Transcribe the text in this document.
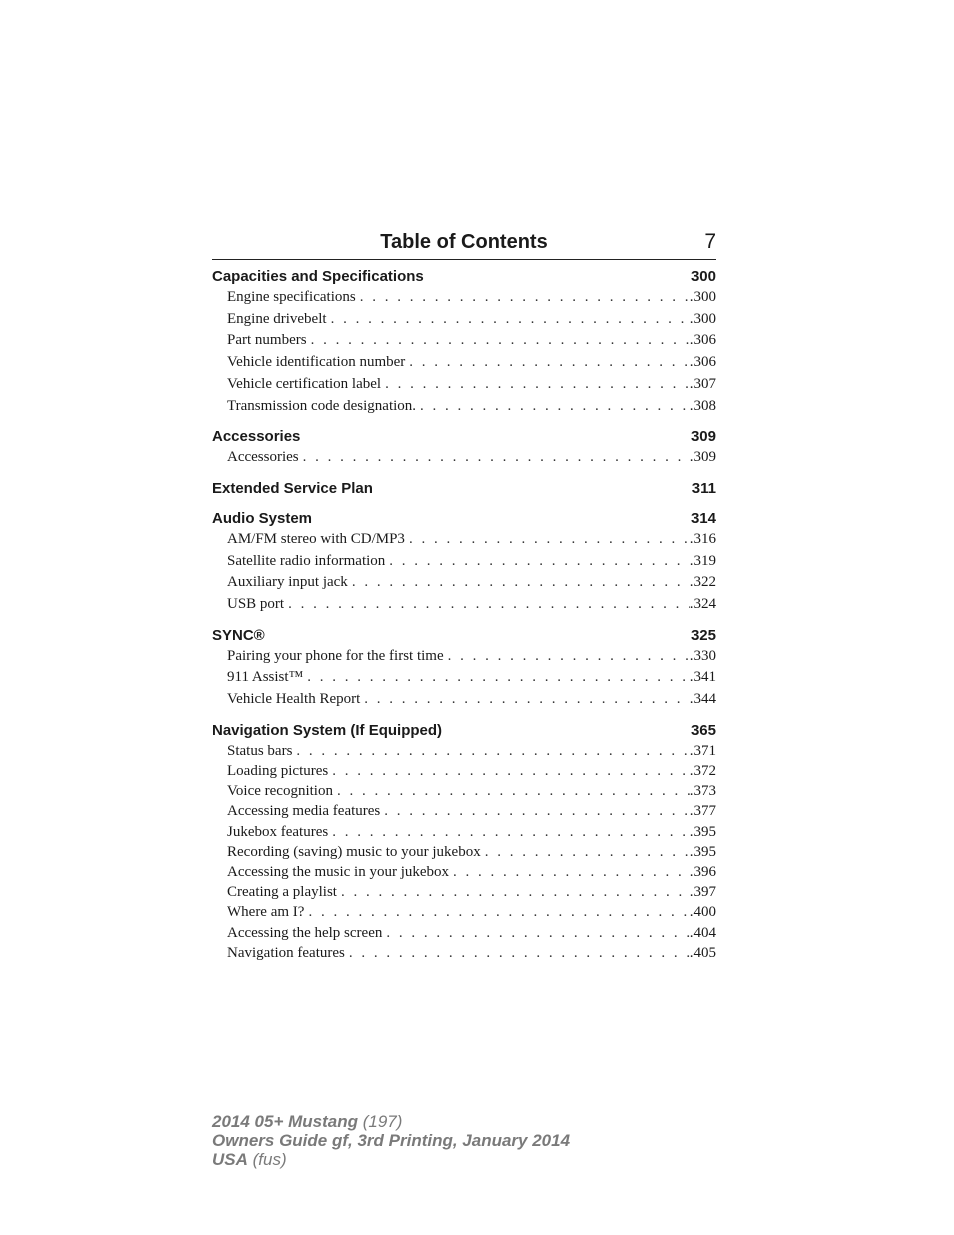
Table of Contents	7
Capacities and Specifications	300
Engine specifications . . .	.300
Engine drivebelt . . .	.300
Part numbers . . .	.306
Vehicle identification number . . .	.306
Vehicle certification label . . .	.307
Transmission code designation. . . .	.308
Accessories	309
Accessories . . .	.309
Extended Service Plan	311
Audio System	314
AM/FM stereo with CD/MP3 . . .	.316
Satellite radio information . . .	.319
Auxiliary input jack . . .	.322
USB port . . .	.324
SYNC®	325
Pairing your phone for the first time . . .	.330
911 Assist™ . . .	.341
Vehicle Health Report . . .	.344
Navigation System (If Equipped)	365
Status bars . . .	.371
Loading pictures . . .	.372
Voice recognition . . .	.373
Accessing media features . . .	.377
Jukebox features . . .	.395
Recording (saving) music to your jukebox . . .	.395
Accessing the music in your jukebox . . .	.396
Creating a playlist . . .	.397
Where am I? . . .	.400
Accessing the help screen . . .	.404
Navigation features . . .	.405
2014 05+ Mustang (197)
Owners Guide gf, 3rd Printing, January 2014
USA (fus)
